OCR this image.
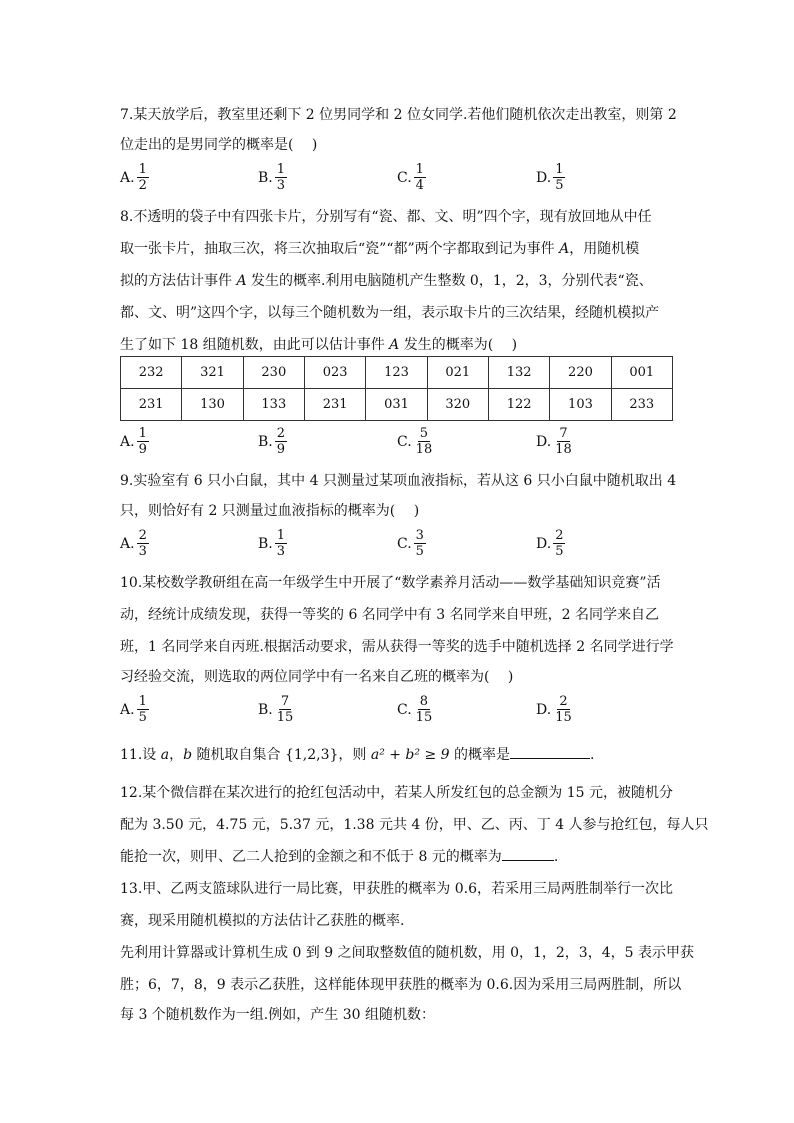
7.某天放学后，教室里还剩下 2 位男同学和 2 位女同学.若他们随机依次走出教室，则第 2
位走出的是男同学的概率是(　 )
A. $\frac{1}{2}$	B. $\frac{1}{3}$	C. $\frac{1}{4}$	D. $\frac{1}{5}$
8.不透明的袋子中有四张卡片，分别写有“瓷、都、文、明”四个字，现有放回地从中任
取一张卡片，抽取三次，将三次抽取后“瓷”“都”两个字都取到记为事件 A，用随机模
拟的方法估计事件 A 发生的概率.利用电脑随机产生整数 0，1，2，3，分别代表“瓷、
都、文、明”这四个字，以每三个随机数为一组，表示取卡片的三次结果，经随机模拟产
生了如下 18 组随机数，由此可以估计事件 A 发生的概率为(　 )
232	321	230	023	123	021	132	220	001
231	130	133	231	031	320	122	103	233
A. $\frac{1}{9}$	B. $\frac{2}{9}$	C. $\frac{5}{18}$	D. $\frac{7}{18}$
9.实验室有 6 只小白鼠，其中 4 只测量过某项血液指标，若从这 6 只小白鼠中随机取出 4
只，则恰好有 2 只测量过血液指标的概率为(　 )
A. $\frac{2}{3}$	B. $\frac{1}{3}$	C. $\frac{3}{5}$	D. $\frac{2}{5}$
10.某校数学教研组在高一年级学生中开展了“数学素养月活动——数学基础知识竞赛”活
动，经统计成绩发现，获得一等奖的 6 名同学中有 3 名同学来自甲班，2 名同学来自乙
班，1 名同学来自丙班.根据活动要求，需从获得一等奖的选手中随机选择 2 名同学进行学
习经验交流，则选取的两位同学中有一名来自乙班的概率为(　 )
A. $\frac{1}{5}$	B. $\frac{7}{15}$	C. $\frac{8}{15}$	D. $\frac{2}{15}$
11.设 a，b 随机取自集合 {1,2,3}，则 a² + b² ≥ 9 的概率是	.
12.某个微信群在某次进行的抢红包活动中，若某人所发红包的总金额为 15 元，被随机分
配为 3.50 元，4.75 元，5.37 元，1.38 元共 4 份，甲、乙、丙、丁 4 人参与抢红包，每人只
能抢一次，则甲、乙二人抢到的金额之和不低于 8 元的概率为	.
13.甲、乙两支篮球队进行一局比赛，甲获胜的概率为 0.6，若采用三局两胜制举行一次比
赛，现采用随机模拟的方法估计乙获胜的概率.
先利用计算器或计算机生成 0 到 9 之间取整数值的随机数，用 0，1，2，3，4，5 表示甲获
胜；6，7，8，9 表示乙获胜，这样能体现甲获胜的概率为 0.6.因为采用三局两胜制，所以
每 3 个随机数作为一组.例如，产生 30 组随机数：
